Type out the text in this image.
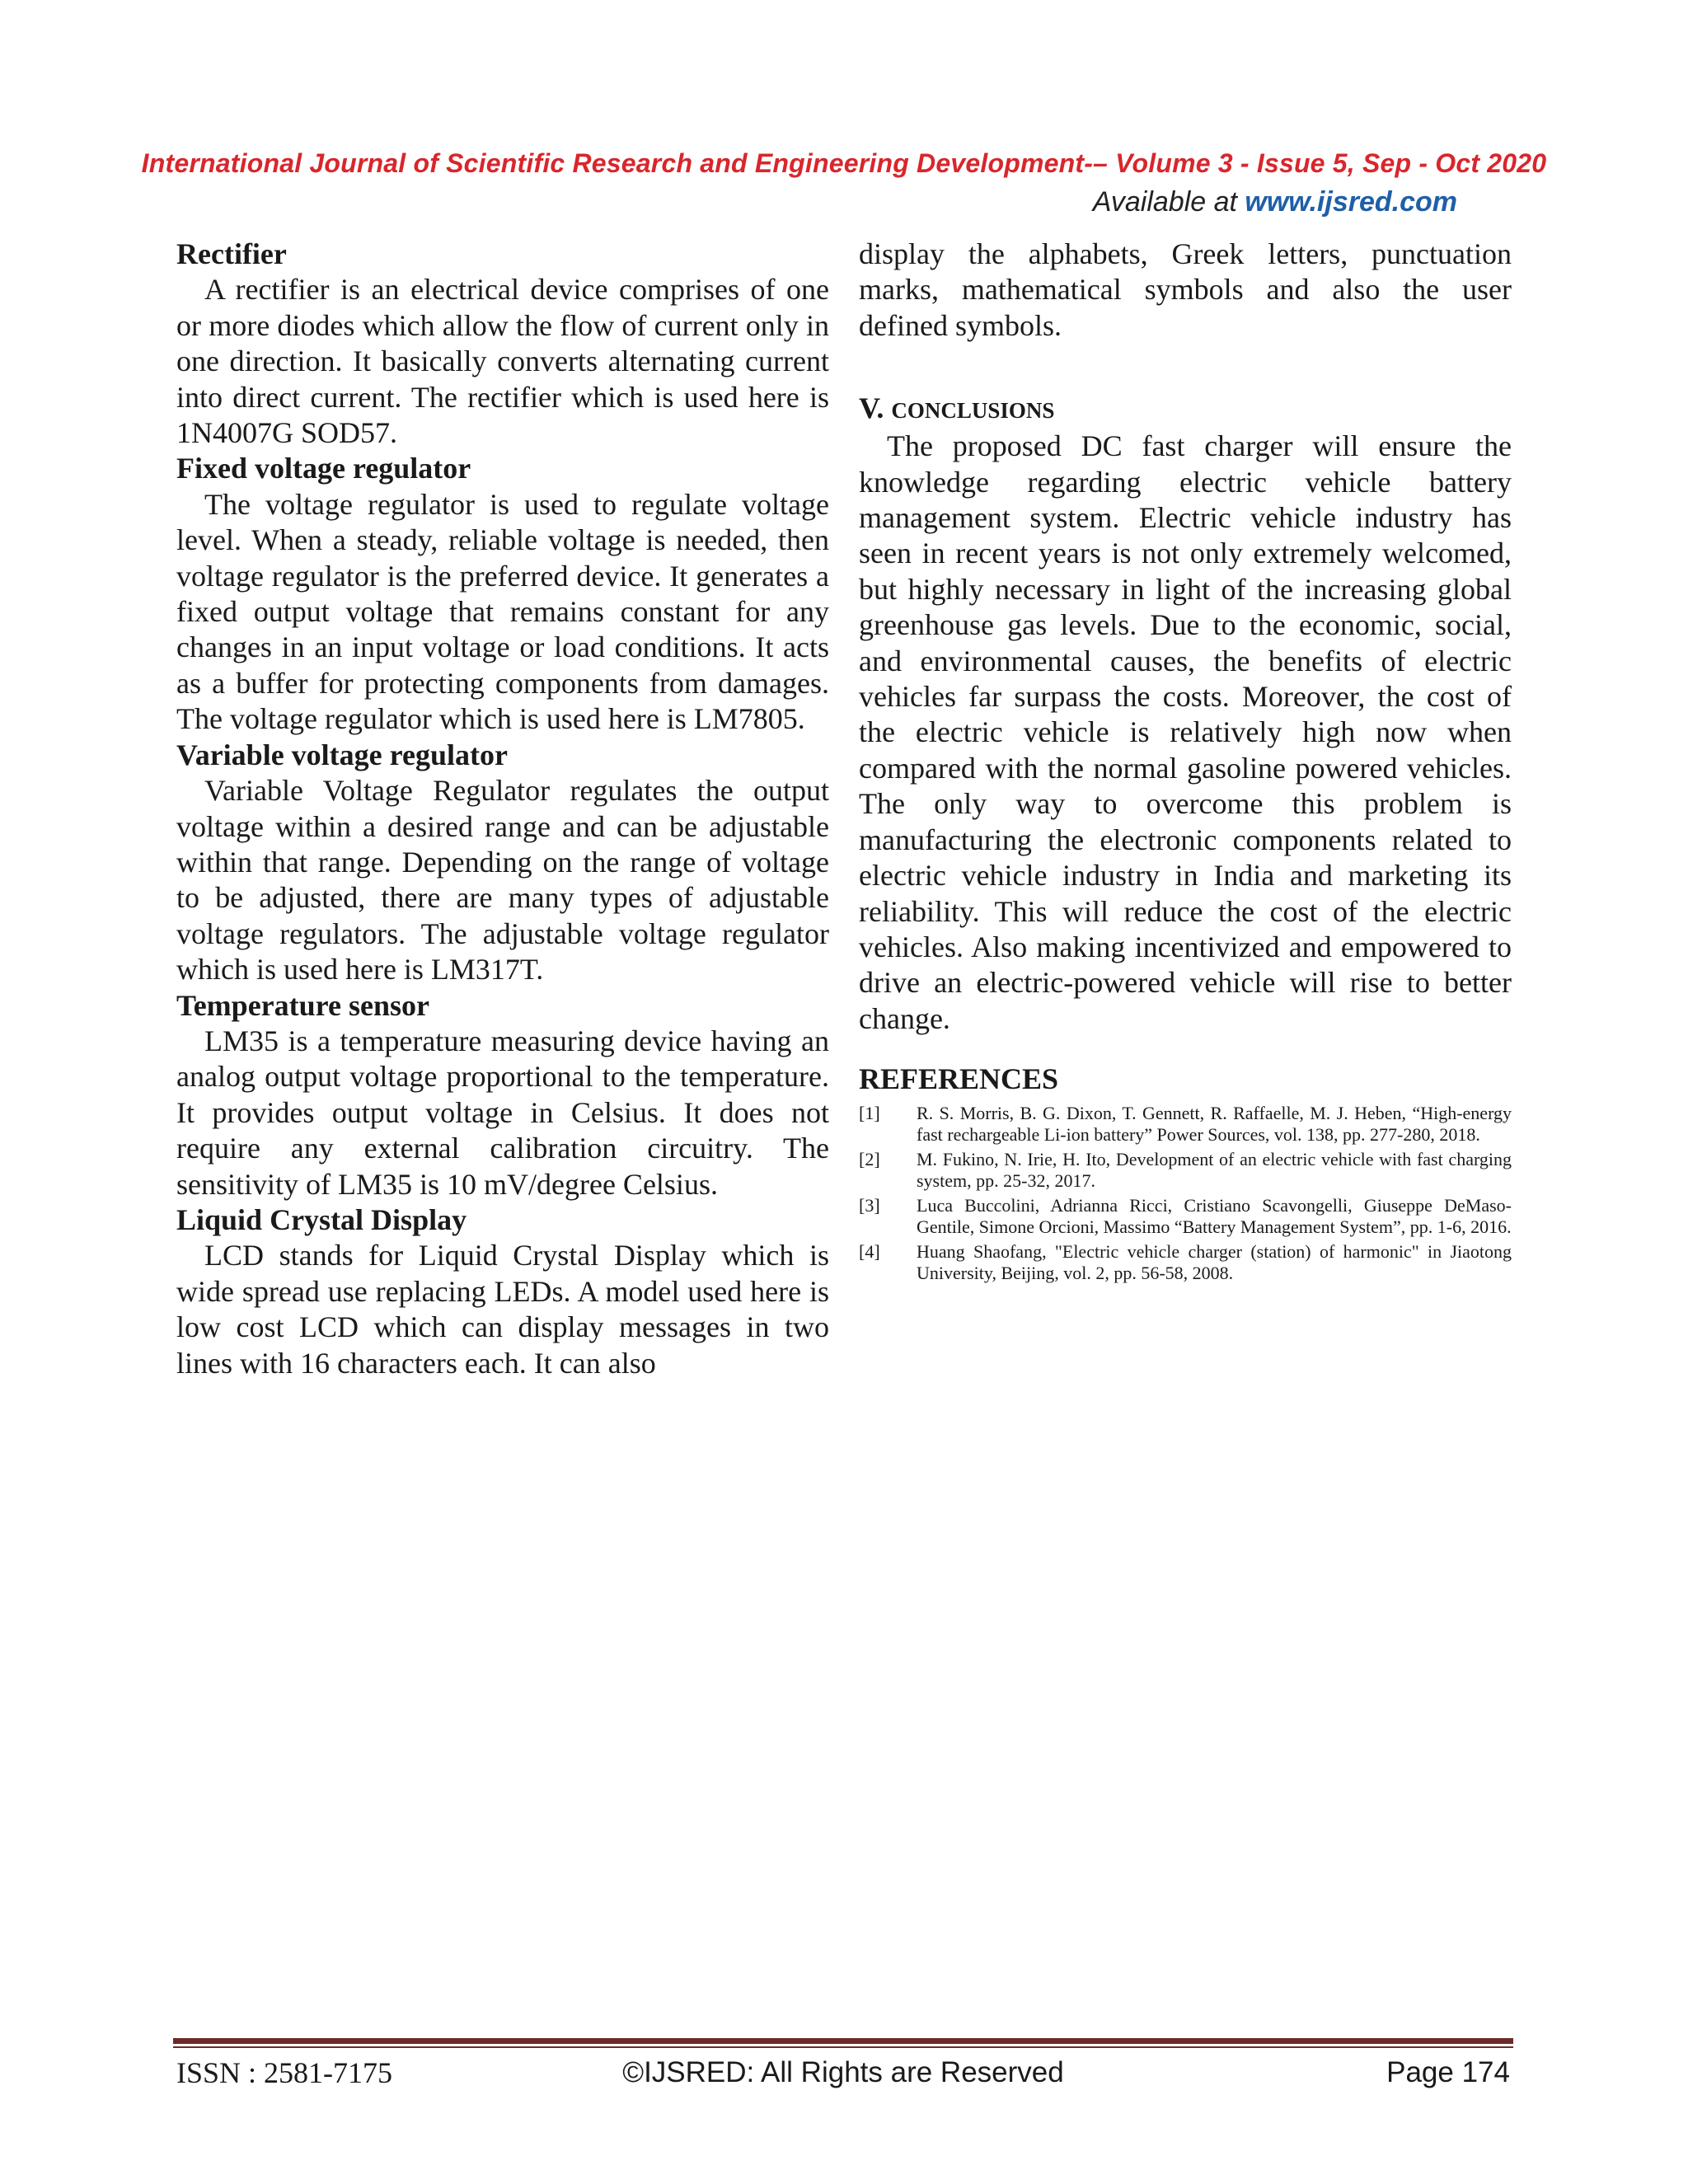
International Journal of Scientific Research and Engineering Development-– Volume 3 - Issue 5, Sep - Oct 2020
Available at www.ijsred.com
Rectifier

A rectifier is an electrical device comprises of one or more diodes which allow the flow of current only in one direction. It basically converts alternating current into direct current. The rectifier which is used here is 1N4007G SOD57.

Fixed voltage regulator

The voltage regulator is used to regulate voltage level. When a steady, reliable voltage is needed, then voltage regulator is the preferred device. It generates a fixed output voltage that remains constant for any changes in an input voltage or load conditions. It acts as a buffer for protecting components from damages. The voltage regulator which is used here is LM7805.

Variable voltage regulator

Variable Voltage Regulator regulates the output voltage within a desired range and can be adjustable within that range. Depending on the range of voltage to be adjusted, there are many types of adjustable voltage regulators. The adjustable voltage regulator which is used here is LM317T.

Temperature sensor

LM35 is a temperature measuring device having an analog output voltage proportional to the temperature. It provides output voltage in Celsius. It does not require any external calibration circuitry. The sensitivity of LM35 is 10 mV/degree Celsius.

Liquid Crystal Display

LCD stands for Liquid Crystal Display which is wide spread use replacing LEDs. A model used here is low cost LCD which can display messages in two lines with 16 characters each. It can also

display the alphabets, Greek letters, punctuation marks, mathematical symbols and also the user defined symbols.

V. CONCLUSIONS

The proposed DC fast charger will ensure the knowledge regarding electric vehicle battery management system. Electric vehicle industry has seen in recent years is not only extremely welcomed, but highly necessary in light of the increasing global greenhouse gas levels. Due to the economic, social, and environmental causes, the benefits of electric vehicles far surpass the costs. Moreover, the cost of the electric vehicle is relatively high now when compared with the normal gasoline powered vehicles. The only way to overcome this problem is manufacturing the electronic components related to electric vehicle industry in India and marketing its reliability. This will reduce the cost of the electric vehicles. Also making incentivized and empowered to drive an electric-powered vehicle will rise to better change.

REFERENCES
[1]	R. S. Morris, B. G. Dixon, T. Gennett, R. Raffaelle, M. J. Heben, “High-energy fast rechargeable Li-ion battery” Power Sources, vol. 138, pp. 277-280, 2018.
[2]	M. Fukino, N. Irie, H. Ito, Development of an electric vehicle with fast charging system, pp. 25-32, 2017.
[3]	Luca Buccolini, Adrianna Ricci, Cristiano Scavongelli, Giuseppe DeMaso-Gentile, Simone Orcioni, Massimo “Battery Management System”, pp. 1-6, 2016.
[4]	Huang Shaofang, "Electric vehicle charger (station) of harmonic" in Jiaotong University, Beijing, vol. 2, pp. 56-58, 2008.
ISSN : 2581-7175	©IJSRED: All Rights are Reserved	Page 174
